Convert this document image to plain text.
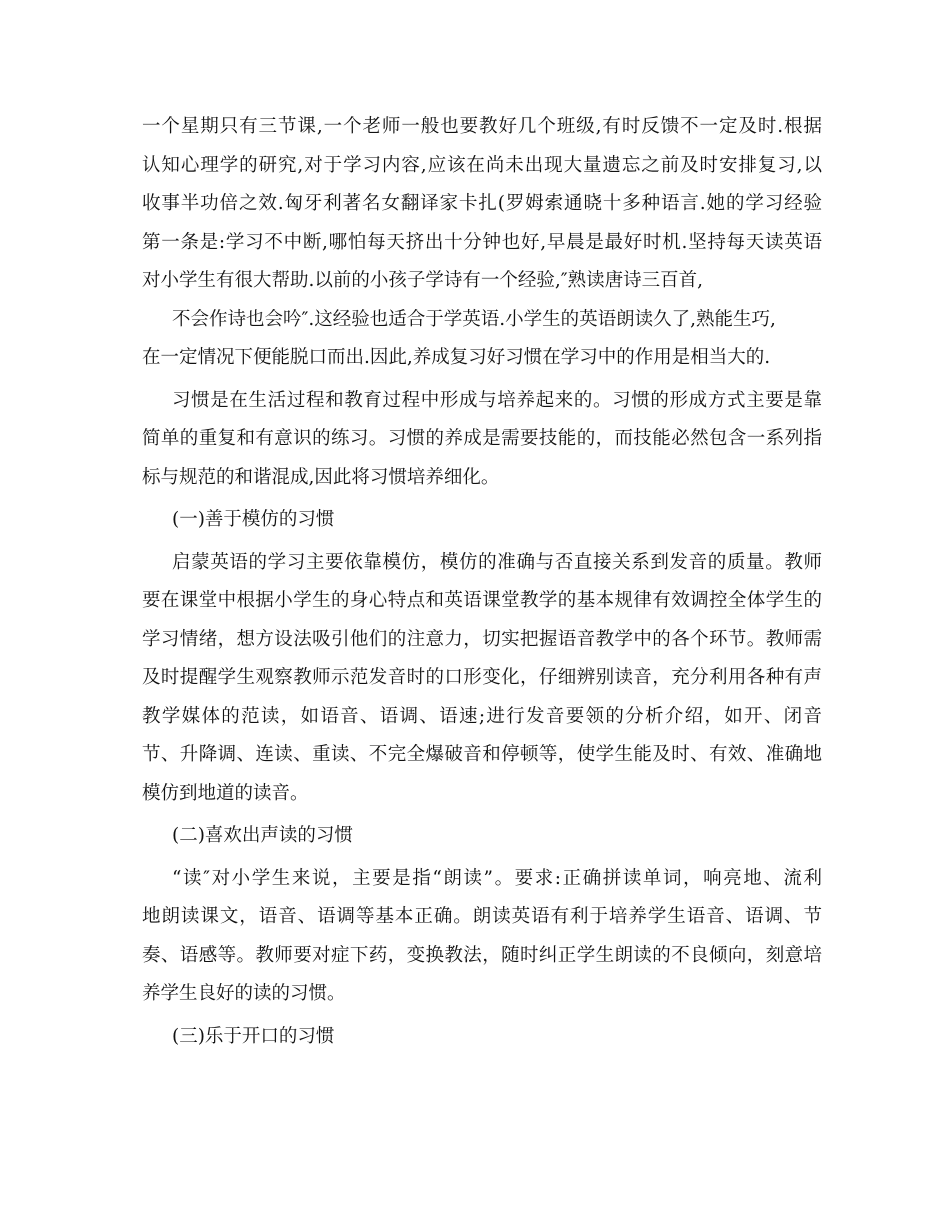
一个星期只有三节课,一个老师一般也要教好几个班级,有时反馈不一定及时.根据
认知心理学的研究,对于学习内容,应该在尚未出现大量遗忘之前及时安排复习,以
收事半功倍之效.匈牙利著名女翻译家卡扎(罗姆索通晓十多种语言.她的学习经验
第一条是:学习不中断,哪怕每天挤出十分钟也好,早晨是最好时机.坚持每天读英语
对小学生有很大帮助.以前的小孩子学诗有一个经验,″熟读唐诗三百首,
不会作诗也会吟″.这经验也适合于学英语.小学生的英语朗读久了,熟能生巧,
在一定情况下便能脱口而出.因此,养成复习好习惯在学习中的作用是相当大的.
习惯是在生活过程和教育过程中形成与培养起来的。习惯的形成方式主要是靠
简单的重复和有意识的练习。习惯的养成是需要技能的，而技能必然包含一系列指
标与规范的和谐混成,因此将习惯培养细化。
(一)善于模仿的习惯
启蒙英语的学习主要依靠模仿，模仿的准确与否直接关系到发音的质量。教师
要在课堂中根据小学生的身心特点和英语课堂教学的基本规律有效调控全体学生的
学习情绪，想方设法吸引他们的注意力，切实把握语音教学中的各个环节。教师需
及时提醒学生观察教师示范发音时的口形变化，仔细辨别读音，充分利用各种有声
教学媒体的范读，如语音、语调、语速;进行发音要领的分析介绍，如开、闭音
节、升降调、连读、重读、不完全爆破音和停顿等，使学生能及时、有效、准确地
模仿到地道的读音。
(二)喜欢出声读的习惯
“读″对小学生来说，主要是指“朗读”。要求:正确拼读单词，响亮地、流利
地朗读课文，语音、语调等基本正确。朗读英语有利于培养学生语音、语调、节
奏、语感等。教师要对症下药，变换教法，随时纠正学生朗读的不良倾向，刻意培
养学生良好的读的习惯。
(三)乐于开口的习惯
